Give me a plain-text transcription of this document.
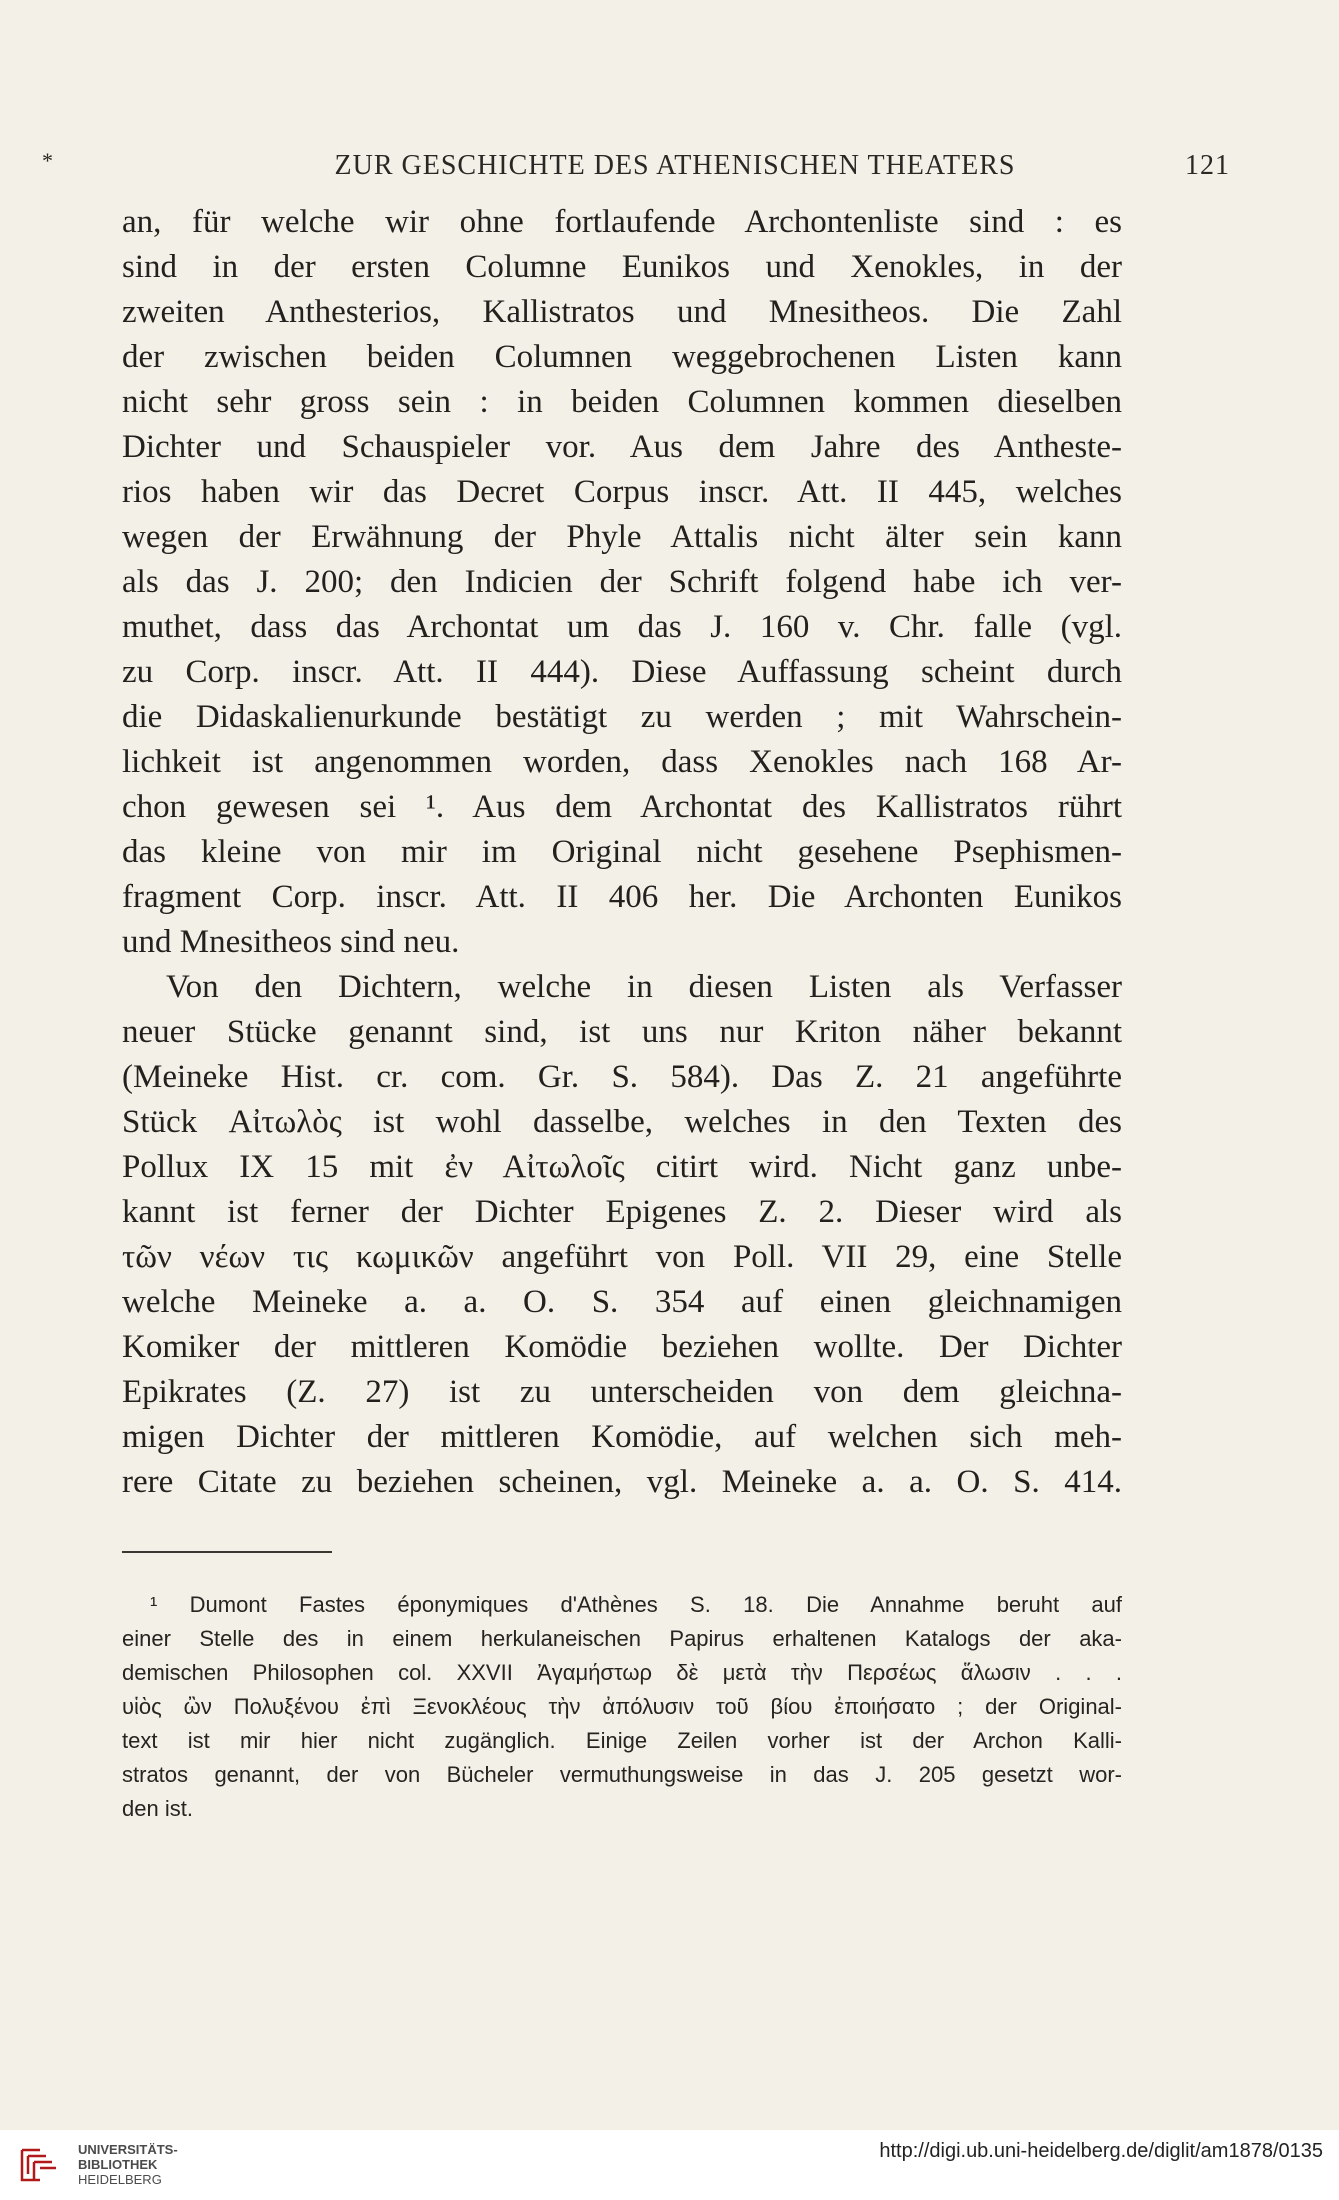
*	ZUR GESCHICHTE DES ATHENISCHEN THEATERS	121

an, für welche wir ohne fortlaufende Archontenliste sind : es
sind in der ersten Columne Eunikos und Xenokles, in der
zweiten Anthesterios, Kallistratos und Mnesitheos. Die Zahl
der zwischen beiden Columnen weggebrochenen Listen kann
nicht sehr gross sein : in beiden Columnen kommen dieselben
Dichter und Schauspieler vor. Aus dem Jahre des Antheste-
rios haben wir das Decret Corpus inscr. Att. II 445, welches
wegen der Erwähnung der Phyle Attalis nicht älter sein kann
als das J. 200; den Indicien der Schrift folgend habe ich ver-
muthet, dass das Archontat um das J. 160 v. Chr. falle (vgl.
zu Corp. inscr. Att. II 444). Diese Auffassung scheint durch
die Didaskalienurkunde bestätigt zu werden ; mit Wahrschein-
lichkeit ist angenommen worden, dass Xenokles nach 168 Ar-
chon gewesen sei ¹. Aus dem Archontat des Kallistratos rührt
das kleine von mir im Original nicht gesehene Psephismen-
fragment Corp. inscr. Att. II 406 her. Die Archonten Eunikos
und Mnesitheos sind neu.

Von den Dichtern, welche in diesen Listen als Verfasser
neuer Stücke genannt sind, ist uns nur Kriton näher bekannt
(Meineke Hist. cr. com. Gr. S. 584). Das Z. 21 angeführte
Stück Αἰτωλὸς ist wohl dasselbe, welches in den Texten des
Pollux IX 15 mit ἐν Αἰτωλοῖς citirt wird. Nicht ganz unbe-
kannt ist ferner der Dichter Epigenes Z. 2. Dieser wird als
τῶν νέων τις κωμικῶν angeführt von Poll. VII 29, eine Stelle
welche Meineke a. a. O. S. 354 auf einen gleichnamigen
Komiker der mittleren Komödie beziehen wollte. Der Dichter
Epikrates (Z. 27) ist zu unterscheiden von dem gleichna-
migen Dichter der mittleren Komödie, auf welchen sich meh-
rere Citate zu beziehen scheinen, vgl. Meineke a. a. O. S. 414.

¹ Dumont Fastes éponymiques d'Athènes S. 18. Die Annahme beruht auf
einer Stelle des in einem herkulaneischen Papirus erhaltenen Katalogs der aka-
demischen Philosophen col. XXVII Ἀγαμήστωρ δὲ μετὰ τὴν Περσέως ἅλωσιν . . .
υἱὸς ὢν Πολυξένου ἐπὶ Ξενοκλέους τὴν ἀπόλυσιν τοῦ βίου ἐποιήσατο ; der Original-
text ist mir hier nicht zugänglich. Einige Zeilen vorher ist der Archon Kalli-
stratos genannt, der von Bücheler vermuthungsweise in das J. 205 gesetzt wor-
den ist.
UNIVERSITÄTS-
BIBLIOTHEK
HEIDELBERG
http://digi.ub.uni-heidelberg.de/diglit/am1878/0135
